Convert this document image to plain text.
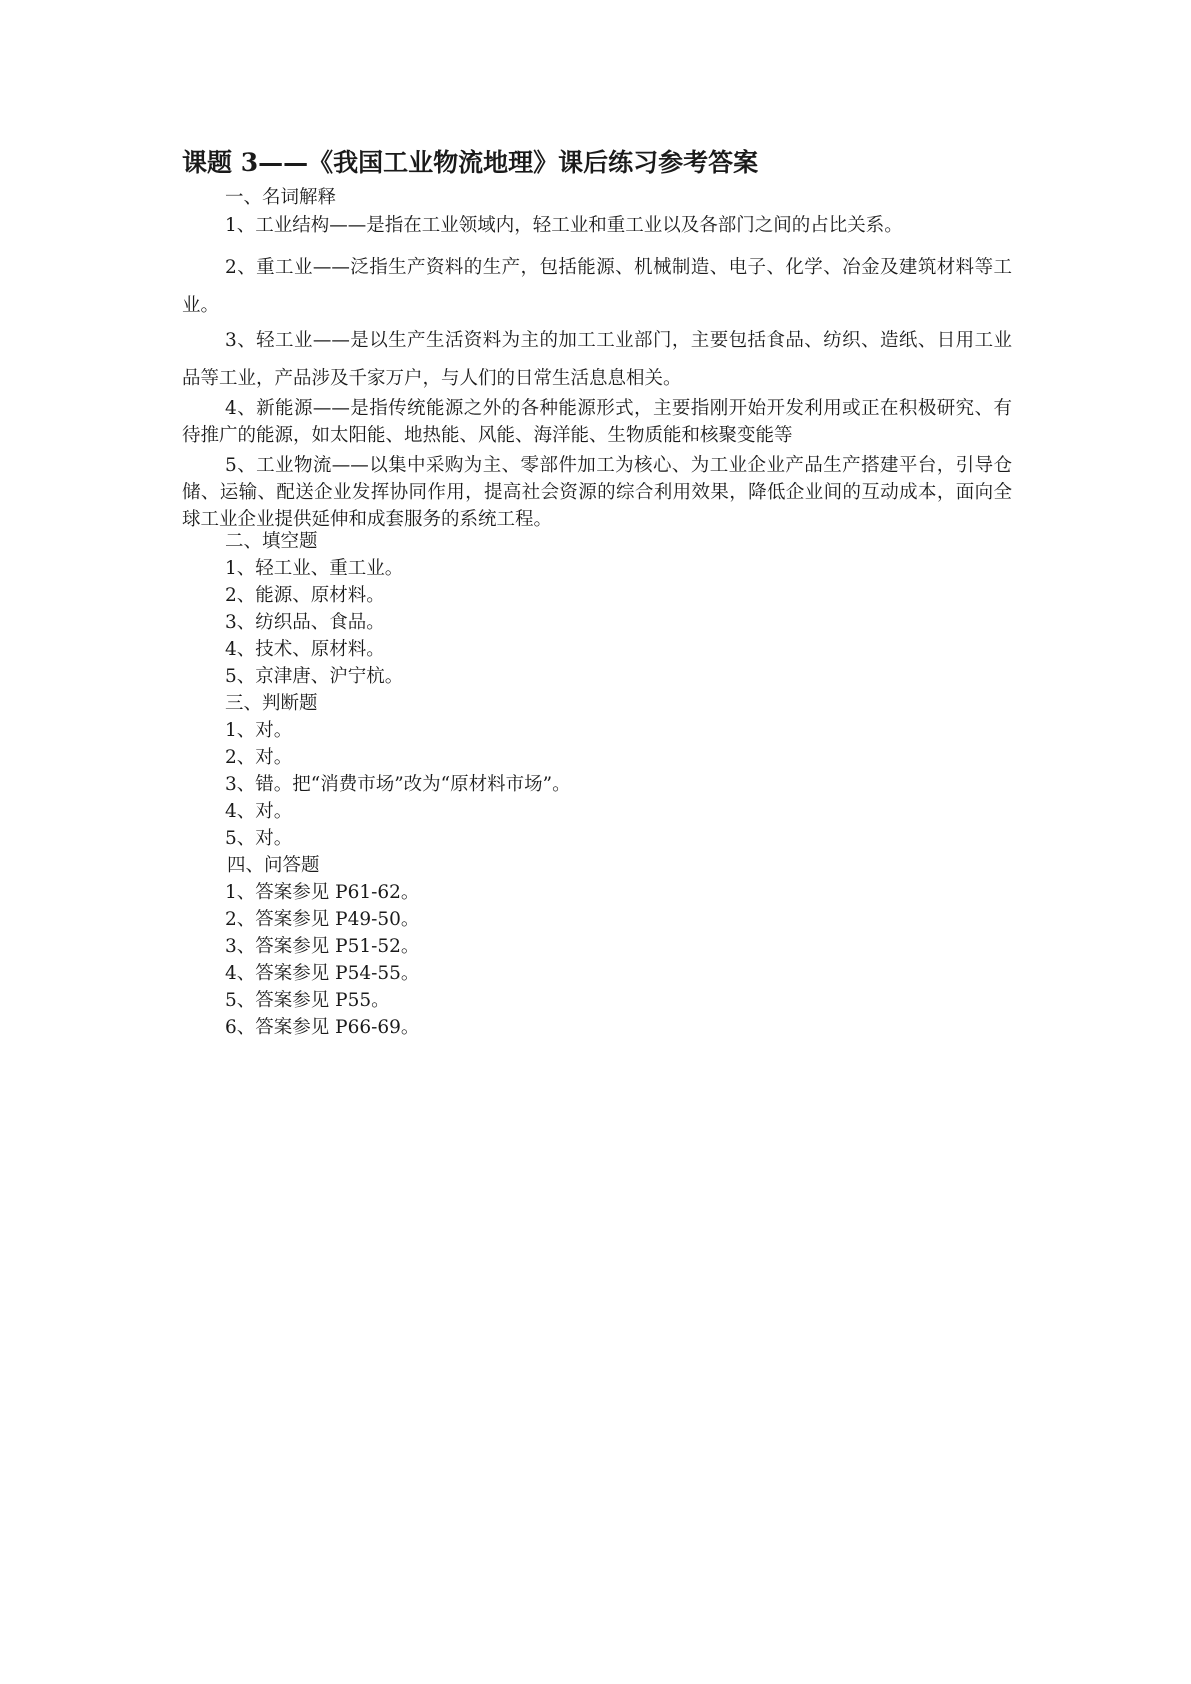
课题 3——《我国工业物流地理》课后练习参考答案

一、名词解释

1、工业结构——是指在工业领域内，轻工业和重工业以及各部门之间的占比关系。

2、重工业——泛指生产资料的生产，包括能源、机械制造、电子、化学、冶金及建筑材料等工业。

3、轻工业——是以生产生活资料为主的加工工业部门，主要包括食品、纺织、造纸、日用工业品等工业，产品涉及千家万户，与人们的日常生活息息相关。

4、新能源——是指传统能源之外的各种能源形式，主要指刚开始开发利用或正在积极研究、有待推广的能源，如太阳能、地热能、风能、海洋能、生物质能和核聚变能等

5、工业物流——以集中采购为主、零部件加工为核心、为工业企业产品生产搭建平台，引导仓储、运输、配送企业发挥协同作用，提高社会资源的综合利用效果，降低企业间的互动成本，面向全球工业企业提供延伸和成套服务的系统工程。

二、填空题

1、轻工业、重工业。

2、能源、原材料。

3、纺织品、食品。

4、技术、原材料。

5、京津唐、沪宁杭。

三、判断题

1、对。

2、对。

3、错。把“消费市场”改为“原材料市场”。

4、对。

5、对。

四、问答题

1、答案参见 P61-62。

2、答案参见 P49-50。

3、答案参见 P51-52。

4、答案参见 P54-55。

5、答案参见 P55。

6、答案参见 P66-69。
